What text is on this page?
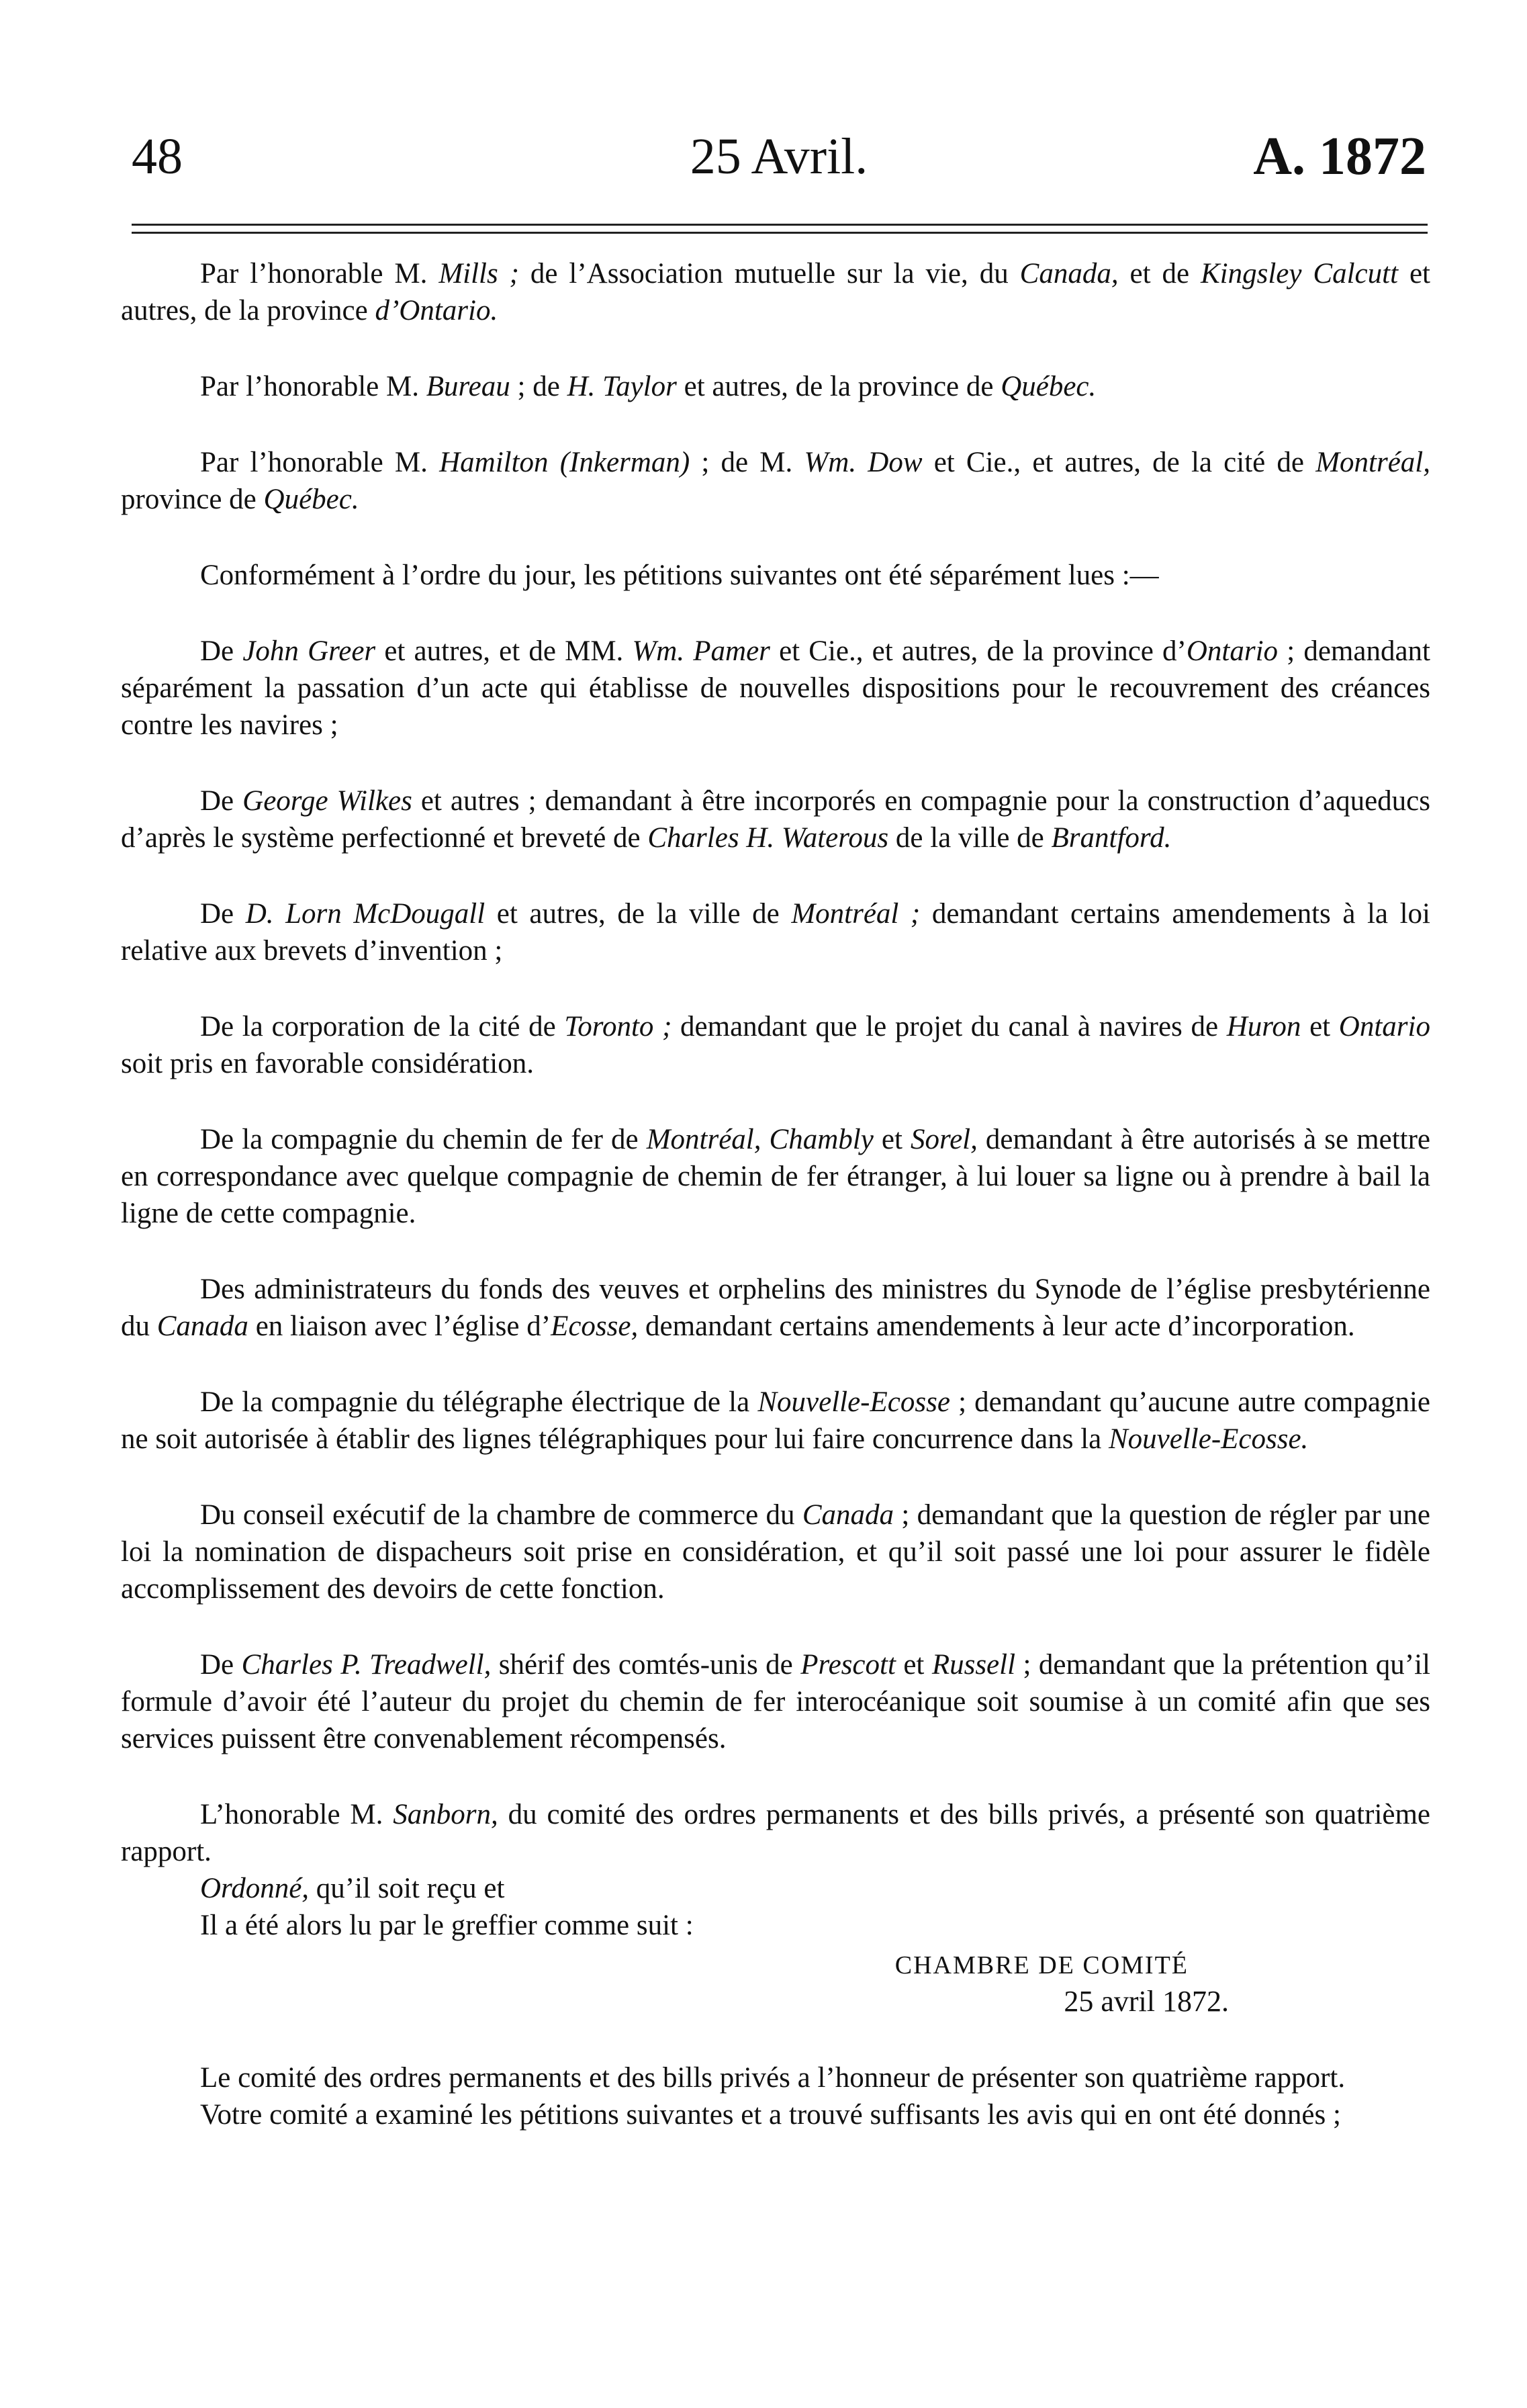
48	25 Avril.	A. 1872

Par l’honorable M. Mills ; de l’Association mutuelle sur la vie, du Canada, et de Kingsley Calcutt et autres, de la province d’Ontario.

Par l’honorable M. Bureau ; de H. Taylor et autres, de la province de Québec.

Par l’honorable M. Hamilton (Inkerman) ; de M. Wm. Dow et Cie., et autres, de la cité de Montréal, province de Québec.

Conformément à l’ordre du jour, les pétitions suivantes ont été séparément lues :—

De John Greer et autres, et de MM. Wm. Pamer et Cie., et autres, de la province d’Ontario ; demandant séparément la passation d’un acte qui établisse de nouvelles dispositions pour le recouvrement des créances contre les navires ;

De George Wilkes et autres ; demandant à être incorporés en compagnie pour la construction d’aqueducs d’après le système perfectionné et breveté de Charles H. Waterous de la ville de Brantford.

De D. Lorn McDougall et autres, de la ville de Montréal ; demandant certains amendements à la loi relative aux brevets d’invention ;

De la corporation de la cité de Toronto ; demandant que le projet du canal à navires de Huron et Ontario soit pris en favorable considération.

De la compagnie du chemin de fer de Montréal, Chambly et Sorel, demandant à être autorisés à se mettre en correspondance avec quelque compagnie de chemin de fer étranger, à lui louer sa ligne ou à prendre à bail la ligne de cette compagnie.

Des administrateurs du fonds des veuves et orphelins des ministres du Synode de l’église presbytérienne du Canada en liaison avec l’église d’Ecosse, demandant certains amendements à leur acte d’incorporation.

De la compagnie du télégraphe électrique de la Nouvelle-Ecosse ; demandant qu’aucune autre compagnie ne soit autorisée à établir des lignes télégraphiques pour lui faire concurrence dans la Nouvelle-Ecosse.

Du conseil exécutif de la chambre de commerce du Canada ; demandant que la question de régler par une loi la nomination de dispacheurs soit prise en considération, et qu’il soit passé une loi pour assurer le fidèle accomplissement des devoirs de cette fonction.

De Charles P. Treadwell, shérif des comtés-unis de Prescott et Russell ; demandant que la prétention qu’il formule d’avoir été l’auteur du projet du chemin de fer interocéanique soit soumise à un comité afin que ses services puissent être convenablement récompensés.

L’honorable M. Sanborn, du comité des ordres permanents et des bills privés, a présenté son quatrième rapport.

Ordonné, qu’il soit reçu et

Il a été alors lu par le greffier comme suit :

CHAMBRE DE COMITÉ
25 avril 1872.

Le comité des ordres permanents et des bills privés a l’honneur de présenter son quatrième rapport.

Votre comité a examiné les pétitions suivantes et a trouvé suffisants les avis qui en ont été donnés ;
